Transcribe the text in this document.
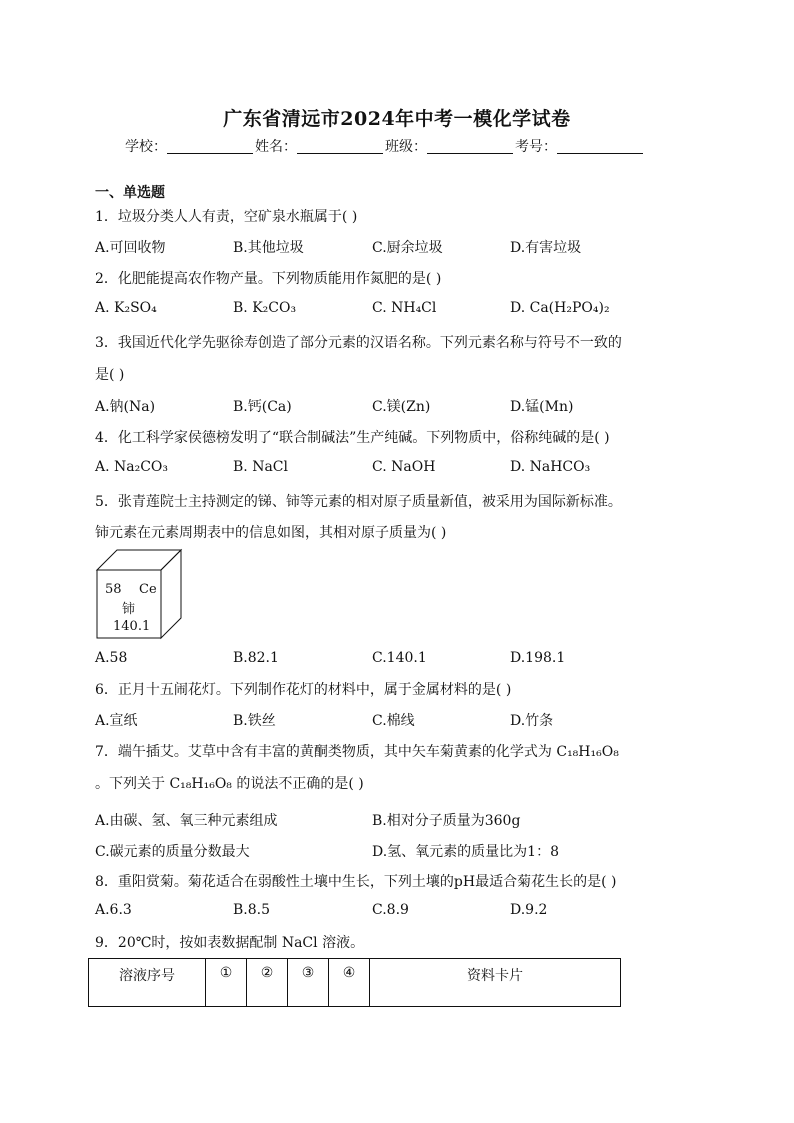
广东省清远市2024年中考一模化学试卷
学校：	姓名：	班级：	考号：
一、单选题
1．垃圾分类人人有责，空矿泉水瓶属于( )
A.可回收物	B.其他垃圾	C.厨余垃圾	D.有害垃圾
2．化肥能提高农作物产量。下列物质能用作氮肥的是( )
A. K₂SO₄	B. K₂CO₃	C. NH₄Cl	D. Ca(H₂PO₄)₂
3．我国近代化学先驱徐寿创造了部分元素的汉语名称。下列元素名称与符号不一致的
是( )
A.钠(Na)	B.钙(Ca)	C.镁(Zn)	D.锰(Mn)
4．化工科学家侯德榜发明了“联合制碱法”生产纯碱。下列物质中，俗称纯碱的是( )
A. Na₂CO₃	B. NaCl	C. NaOH	D. NaHCO₃
5．张青莲院士主持测定的锑、铈等元素的相对原子质量新值，被采用为国际新标准。
铈元素在元素周期表中的信息如图，其相对原子质量为( )
58 Ce
铈
140.1
A.58	B.82.1	C.140.1	D.198.1
6．正月十五闹花灯。下列制作花灯的材料中，属于金属材料的是( )
A.宣纸	B.铁丝	C.棉线	D.竹条
7．端午插艾。艾草中含有丰富的黄酮类物质，其中矢车菊黄素的化学式为 C₁₈H₁₆O₈
。下列关于 C₁₈H₁₆O₈ 的说法不正确的是( )
A.由碳、氢、氧三种元素组成	B.相对分子质量为360g
C.碳元素的质量分数最大	D.氢、氧元素的质量比为1：8
8．重阳赏菊。菊花适合在弱酸性土壤中生长，下列土壤的pH最适合菊花生长的是( )
A.6.3	B.8.5	C.8.9	D.9.2
9．20℃时，按如表数据配制 NaCl 溶液。
溶液序号	①	②	③	④	资料卡片
